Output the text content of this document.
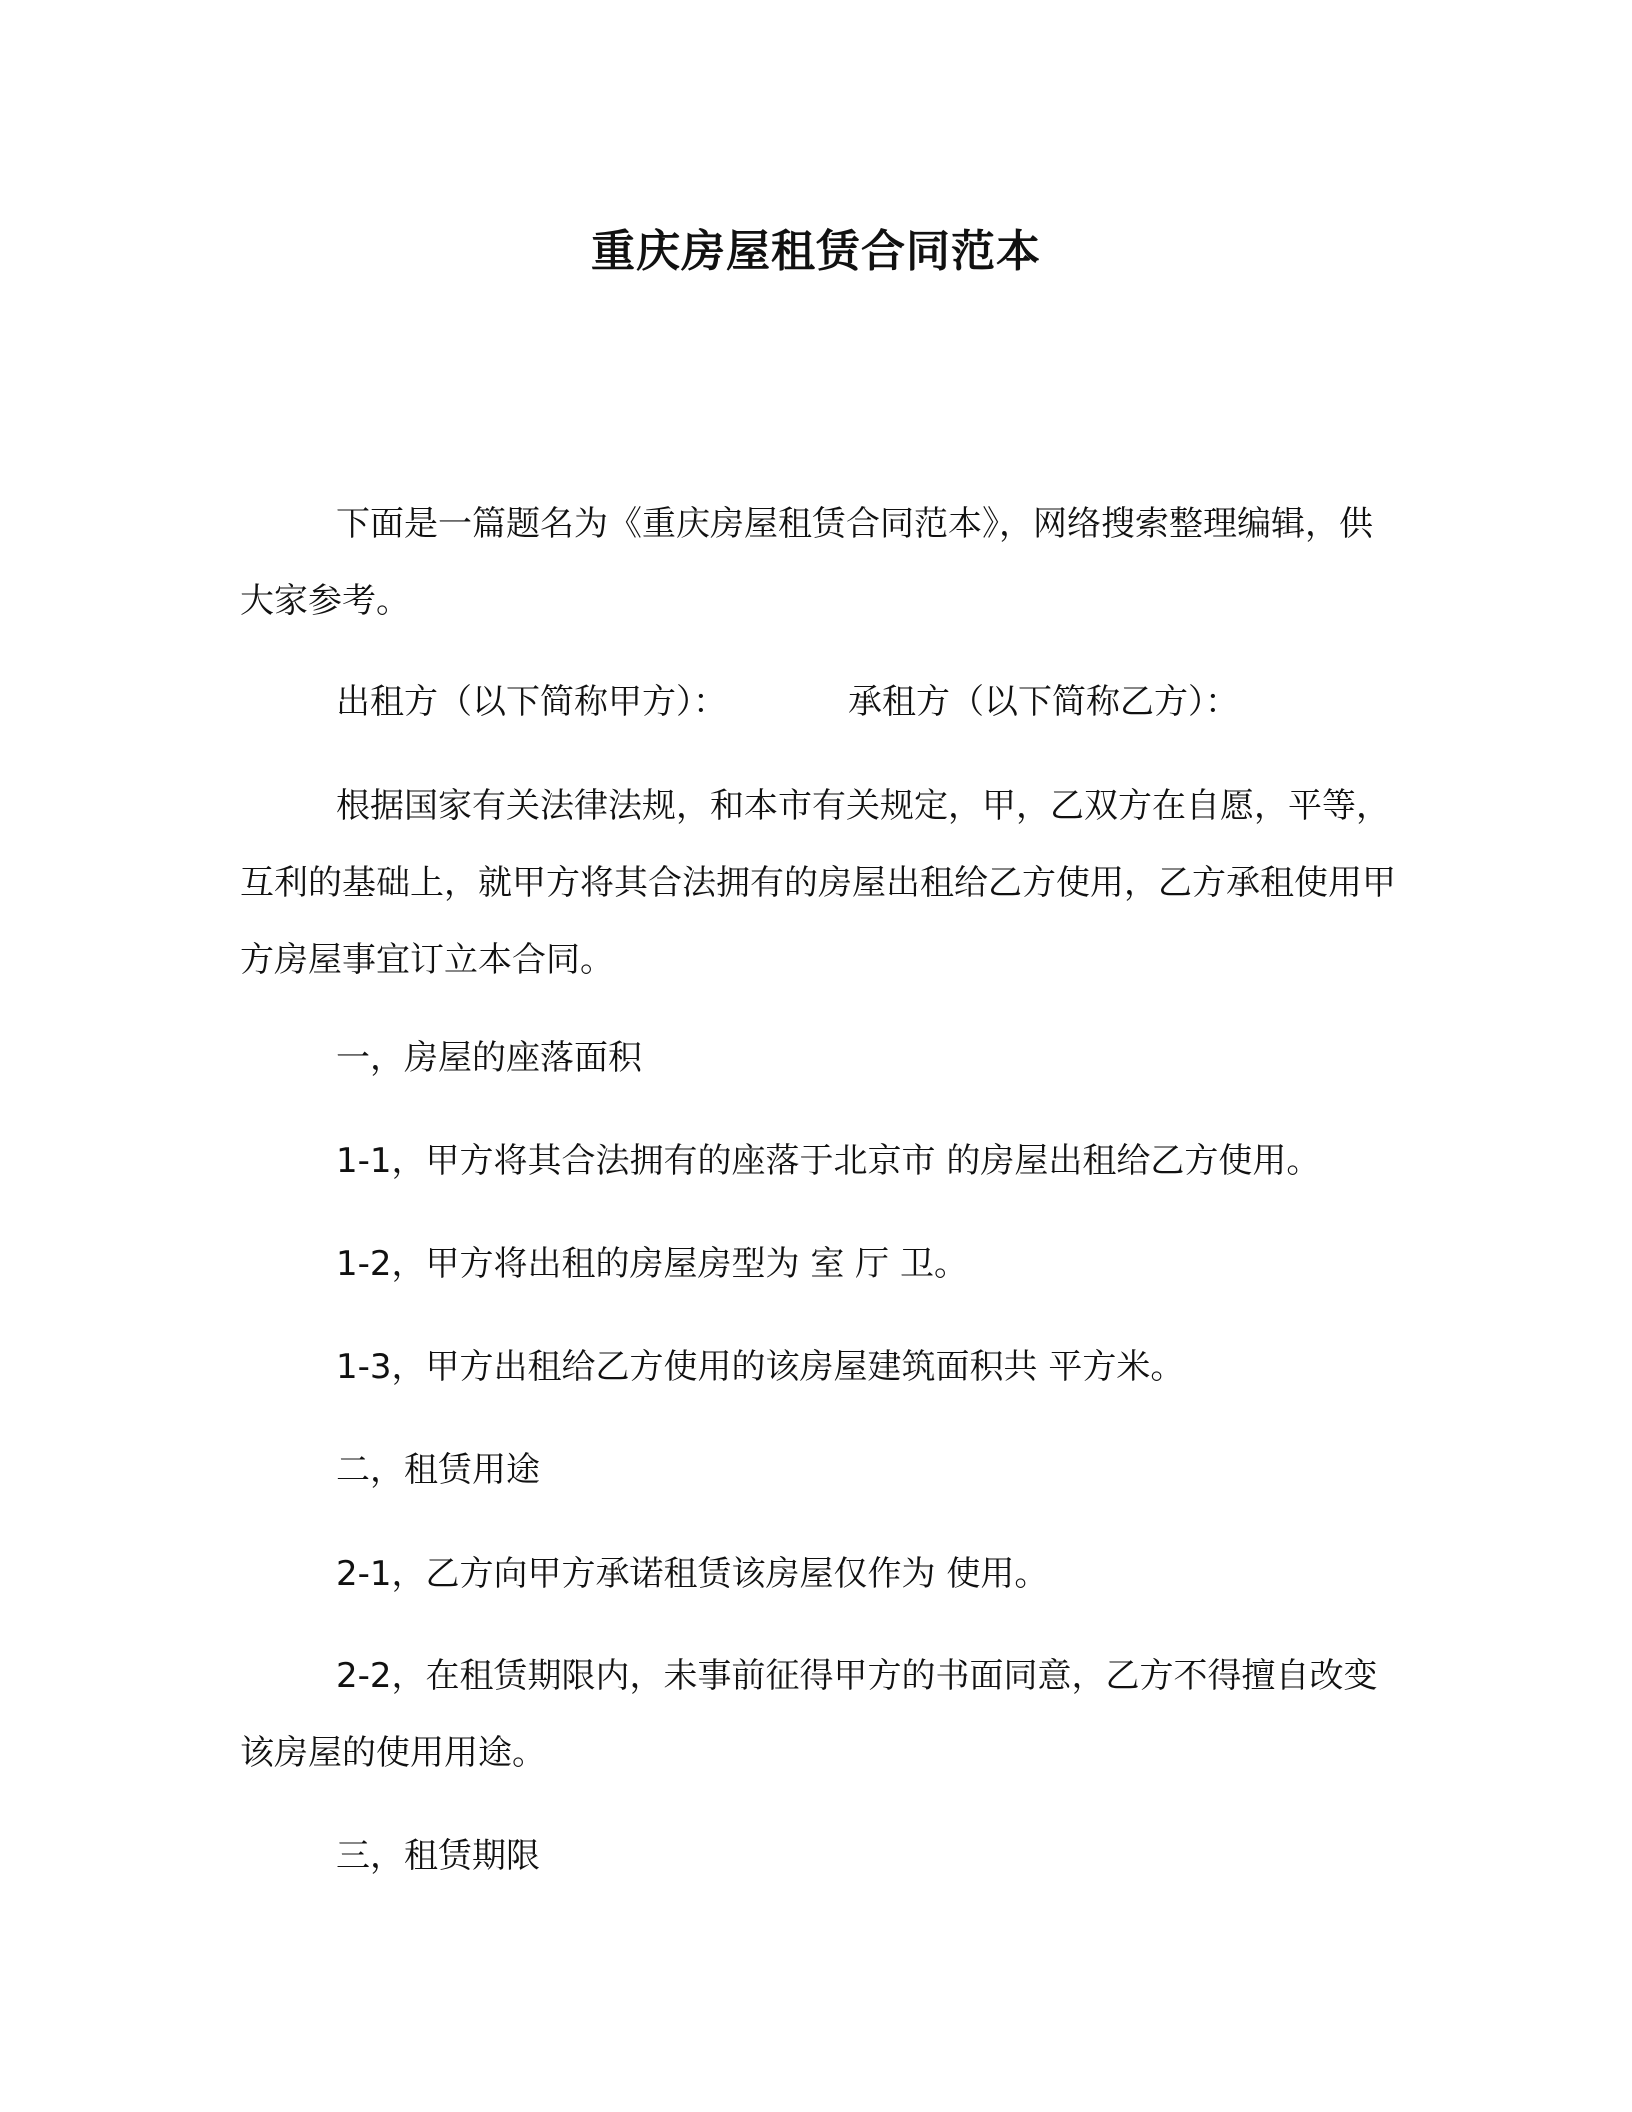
重庆房屋租赁合同范本

下面是一篇题名为《重庆房屋租赁合同范本》，网络搜索整理编辑，供大家参考。

出租方（以下简称甲方）：	承租方（以下简称乙方）：

根据国家有关法律法规，和本市有关规定，甲，乙双方在自愿，平等，互利的基础上，就甲方将其合法拥有的房屋出租给乙方使用，乙方承租使用甲方房屋事宜订立本合同。

一，房屋的座落面积

1-1，甲方将其合法拥有的座落于北京市 的房屋出租给乙方使用。

1-2，甲方将出租的房屋房型为 室 厅 卫。

1-3，甲方出租给乙方使用的该房屋建筑面积共 平方米。

二，租赁用途

2-1，乙方向甲方承诺租赁该房屋仅作为 使用。

2-2，在租赁期限内，未事前征得甲方的书面同意，乙方不得擅自改变该房屋的使用用途。

三，租赁期限
